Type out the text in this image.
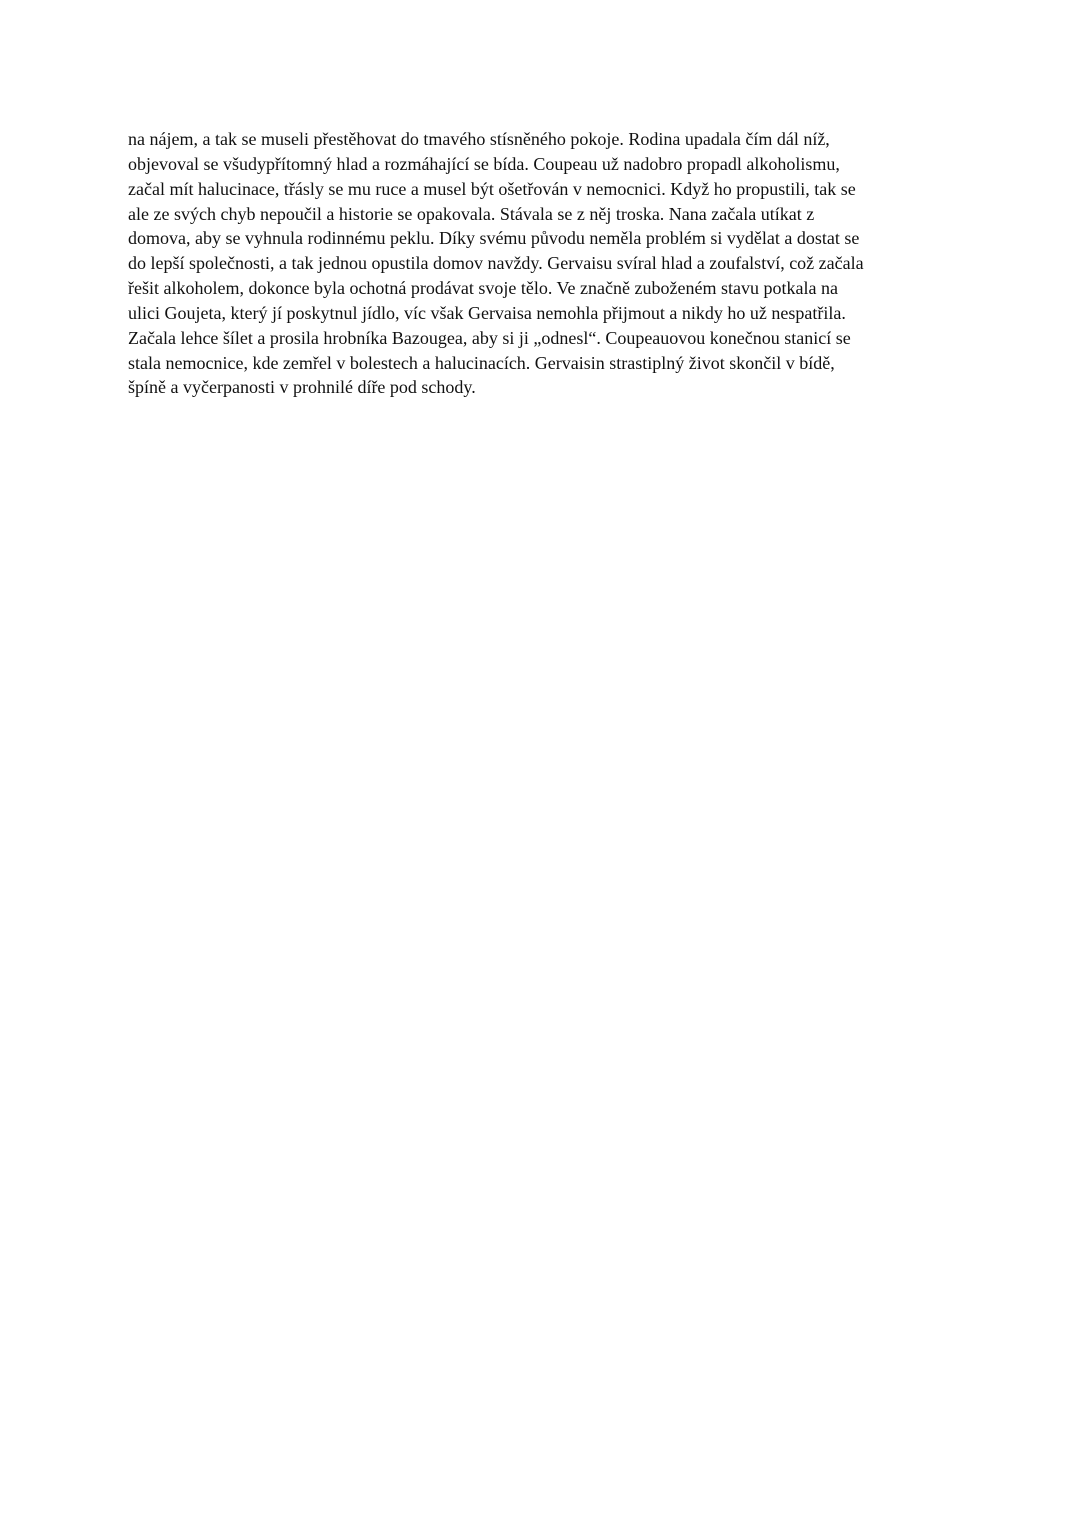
na nájem, a tak se museli přestěhovat do tmavého stísněného pokoje. Rodina upadala čím dál níž,
objevoval se všudypřítomný hlad a rozmáhající se bída. Coupeau už nadobro propadl alkoholismu,
začal mít halucinace, třásly se mu ruce a musel být ošetřován v nemocnici. Když ho propustili, tak se
ale ze svých chyb nepoučil a historie se opakovala. Stávala se z něj troska. Nana začala utíkat z
domova, aby se vyhnula rodinnému peklu. Díky svému původu neměla problém si vydělat a dostat se
do lepší společnosti, a tak jednou opustila domov navždy. Gervaisu svíral hlad a zoufalství, což začala
řešit alkoholem, dokonce byla ochotná prodávat svoje tělo. Ve značně zuboženém stavu potkala na
ulici Goujeta, který jí poskytnul jídlo, víc však Gervaisa nemohla přijmout a nikdy ho už nespatřila.
Začala lehce šílet a prosila hrobníka Bazougea, aby si ji „odnesl“. Coupeauovou konečnou stanicí se
stala nemocnice, kde zemřel v bolestech a halucinacích. Gervaisin strastiplný život skončil v bídě,
špíně a vyčerpanosti v prohnilé díře pod schody.
